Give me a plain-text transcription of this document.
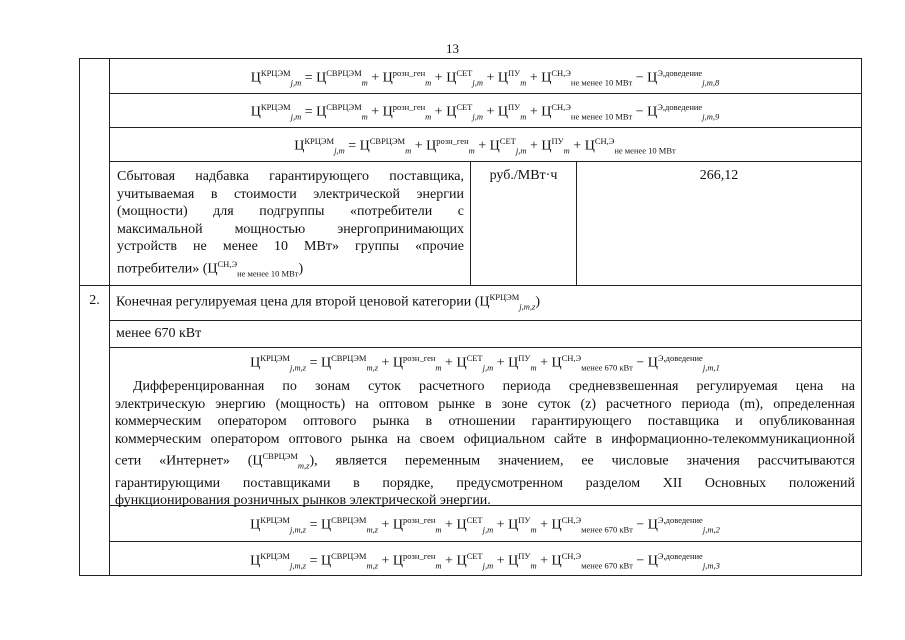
13
$Ц^{КРЦЭМ}_{j,m} = Ц^{СВРЦЭМ}_m + Ц^{розн\_ген}_m + Ц^{СЕТ}_{j,m} + Ц^{ПУ}_m + Ц^{СН,Э}_{не менее 10 МВт} - Ц^{Э,доведение}_{j,m,8}$
$Ц^{КРЦЭМ}_{j,m} = Ц^{СВРЦЭМ}_m + Ц^{розн\_ген}_m + Ц^{СЕТ}_{j,m} + Ц^{ПУ}_m + Ц^{СН,Э}_{не менее 10 МВт} - Ц^{Э,доведение}_{j,m,9}$
$Ц^{КРЦЭМ}_{j,m} = Ц^{СВРЦЭМ}_m + Ц^{розн\_ген}_m + Ц^{СЕТ}_{j,m} + Ц^{ПУ}_m + Ц^{СН,Э}_{не менее 10 МВт}$
Сбытовая надбавка гарантирующего поставщика,
учитываемая в стоимости электрической энергии
(мощности) для подгруппы «потребители с
максимальной мощностью энергопринимающих
устройств не менее 10 МВт» группы «прочие
потребители» $(Ц^{СН,Э}_{не менее 10 МВт})$
руб./МВт·ч	266,12
2.	Конечная регулируемая цена для второй ценовой категории $(Ц^{КРЦЭМ}_{j,m,z})$
менее 670 кВт
$Ц^{КРЦЭМ}_{j,m,z} = Ц^{СВРЦЭМ}_{m,z} + Ц^{розн\_ген}_m + Ц^{СЕТ}_{j,m} + Ц^{ПУ}_m + Ц^{СН,Э}_{менее 670 кВт} - Ц^{Э,доведение}_{j,m,1}$
Дифференцированная по зонам суток расчетного периода средневзвешенная регулируемая цена на
электрическую энергию (мощность) на оптовом рынке в зоне суток (z) расчетного периода (m), определенная
коммерческим оператором оптового рынка в отношении гарантирующего поставщика и опубликованная
коммерческим оператором оптового рынка на своем официальном сайте в информационно-телекоммуникационной
сети «Интернет» $(Ц^{СВРЦЭМ}_{m,z})$, является переменным значением, ее числовые значения рассчитываются
гарантирующими поставщиками в порядке, предусмотренном разделом XII Основных положений
функционирования розничных рынков электрической энергии.
$Ц^{КРЦЭМ}_{j,m,z} = Ц^{СВРЦЭМ}_{m,z} + Ц^{розн\_ген}_m + Ц^{СЕТ}_{j,m} + Ц^{ПУ}_m + Ц^{СН,Э}_{менее 670 кВт} - Ц^{Э,доведение}_{j,m,2}$
$Ц^{КРЦЭМ}_{j,m,z} = Ц^{СВРЦЭМ}_{m,z} + Ц^{розн\_ген}_m + Ц^{СЕТ}_{j,m} + Ц^{ПУ}_m + Ц^{СН,Э}_{менее 670 кВт} - Ц^{Э,доведение}_{j,m,3}$
